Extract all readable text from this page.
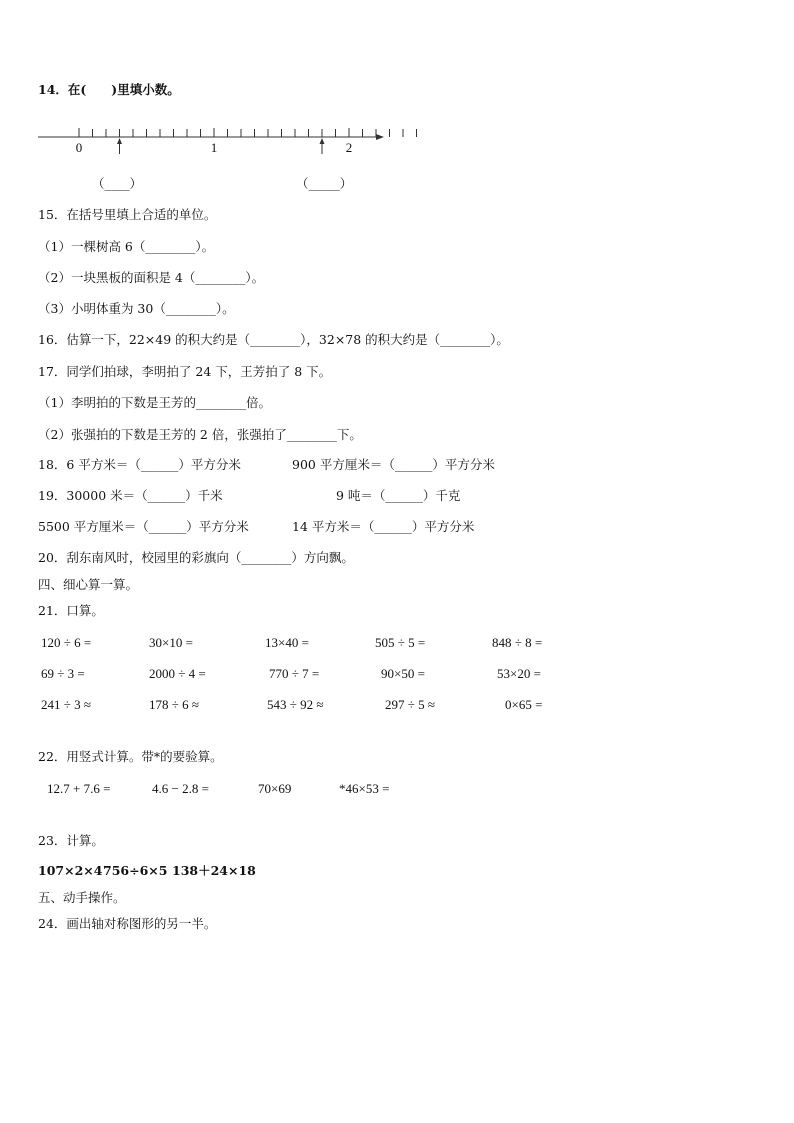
14．在(　　)里填小数。
0	1	2
（____）	（_____）
15．在括号里填上合适的单位。
（1）一棵树高 6（________）。
（2）一块黑板的面积是 4（________）。
（3）小明体重为 30（________）。
16．估算一下，22×49 的积大约是（________），32×78 的积大约是（________）。
17．同学们拍球，李明拍了 24 下，王芳拍了 8 下。
（1）李明拍的下数是王芳的________倍。
（2）张强拍的下数是王芳的 2 倍，张强拍了________下。
18．6 平方米＝（______）平方分米	900 平方厘米＝（______）平方分米
19．30000 米＝（______）千米	9 吨＝（______）千克
5500 平方厘米＝（______）平方分米	14 平方米＝（______）平方分米
20．刮东南风时，校园里的彩旗向（________）方向飘。
四、细心算一算。
21．口算。
120 ÷ 6 =	30×10 =	13×40 =	505 ÷ 5 =	848 ÷ 8 =
69 ÷ 3 =	2000 ÷ 4 =	770 ÷ 7 =	90×50 =	53×20 =
241 ÷ 3 ≈	178 ÷ 6 ≈	543 ÷ 92 ≈	297 ÷ 5 ≈	0×65 =
22．用竖式计算。带*的要验算。
12.7 + 7.6 =	4.6 − 2.8 =	70×69	*46×53 =
23．计算。
107×2×4 756÷6×5 138＋24×18
五、动手操作。
24．画出轴对称图形的另一半。
